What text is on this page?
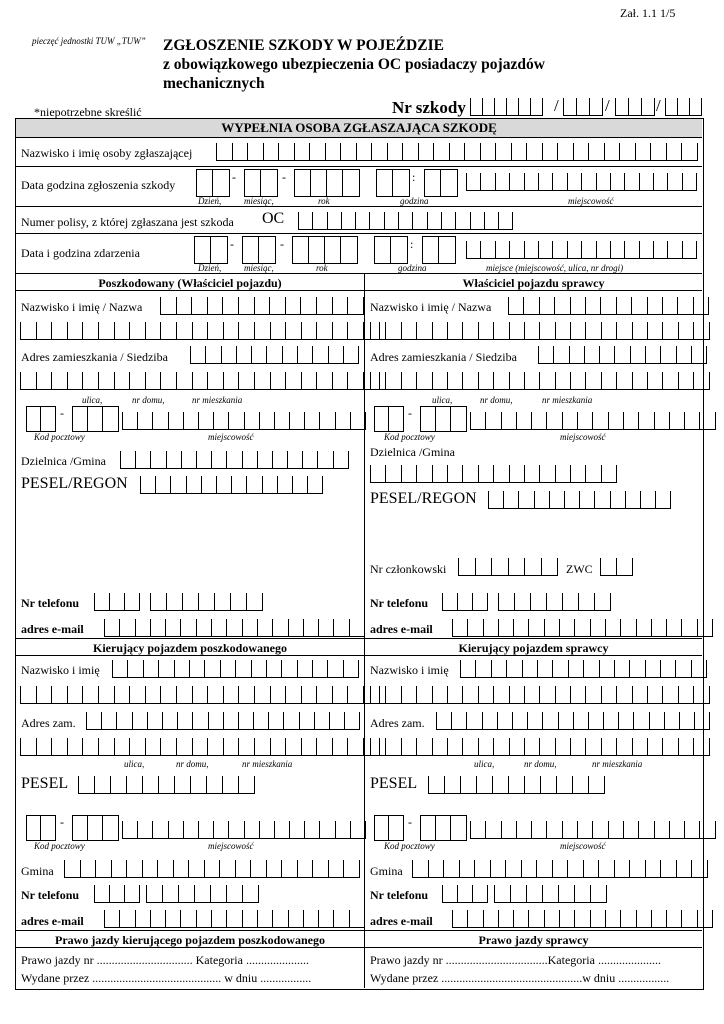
Zał. 1.1 1/5
pieczęć jednostki TUW „TUW” ZGŁOSZENIE SZKODY W POJEŹDZIE
z obowiązkowego ubezpieczenia OC posiadaczy pojazdów
mechanicznych
*niepotrzebne skreślić	Nr szkody	/	/	/
WYPEŁNIA OSOBA ZGŁASZAJĄCA SZKODĘ
Nazwisko i imię osoby zgłaszającej
Data godzina zgłoszenia szkody
-	-	:
Dzień,	miesiąc,	rok	godzina	miejscowość
Numer polisy, z której zgłaszana jest szkoda OC
Data i godzina zdarzenia
-	-	:
Dzień,	miesiąc,	rok	godzina	miejsce (miejscowość, ulica, nr drogi)
Poszkodowany (Właściciel pojazdu)	Właściciel pojazdu sprawcy
Nazwisko i imię / Nazwa
Adres zamieszkania / Siedziba
ulica,	nr domu,	nr mieszkania
-
Kod pocztowy	miejscowość
Dzielnica /Gmina
PESEL/REGON
Nr telefonu
adres e-mail
Nazwisko i imię / Nazwa
Adres zamieszkania / Siedziba
ulica,	nr domu,	nr mieszkania
-
Kod pocztowy	miejscowość
Dzielnica /Gmina
PESEL/REGON
Nr członkowski	ZWC
Nr telefonu
adres e-mail
Kierujący pojazdem poszkodowanego	Kierujący pojazdem sprawcy
Nazwisko i imię
Adres zam.
ulica,	nr domu,	nr mieszkania
PESEL
-
Kod pocztowy	miejscowość
Gmina
Nr telefonu
adres e-mail
Nazwisko i imię
Adres zam.
ulica,	nr domu,	nr mieszkania
PESEL
-
Kod pocztowy	miejscowość
Gmina
Nr telefonu
adres e-mail
Prawo jazdy kierującego pojazdem poszkodowanego	Prawo jazdy sprawcy
Prawo jazdy nr ................................ Kategoria .....................
Wydane przez ........................................... w dniu .................
Prawo jazdy nr ..................................Kategoria .....................
Wydane przez ...............................................w dniu .................
